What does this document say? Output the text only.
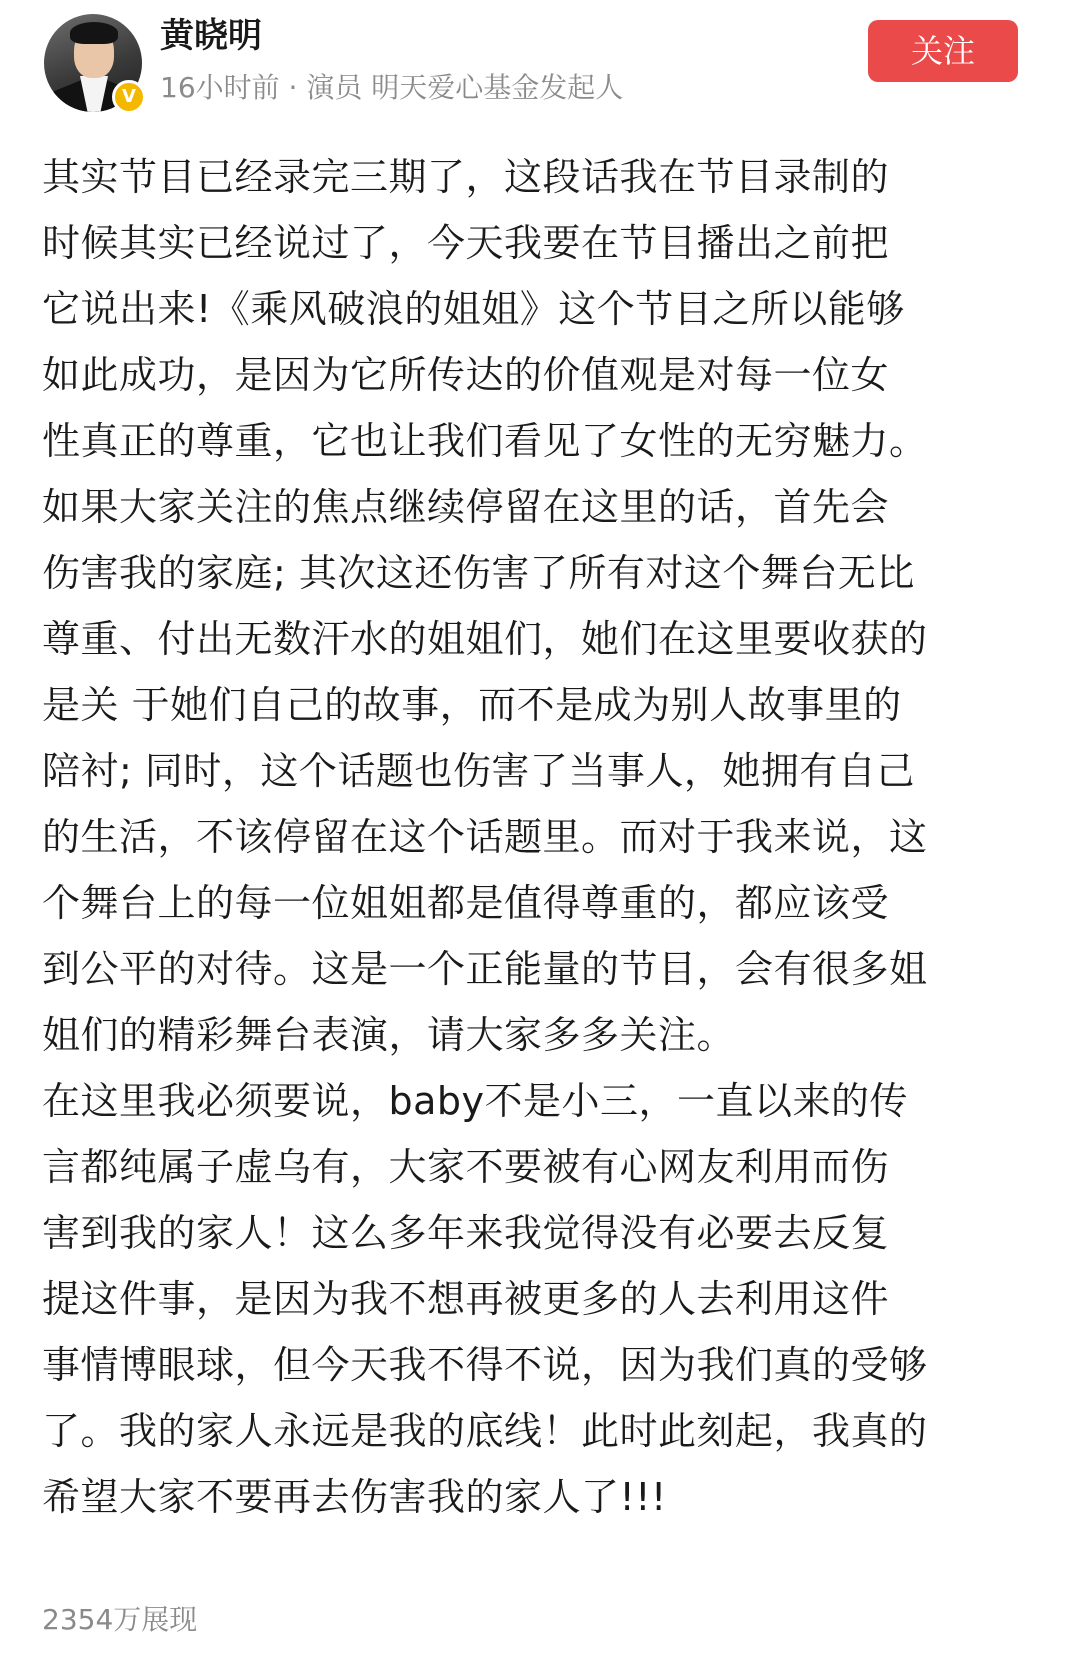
V
黄晓明
16小时前 · 演员 明天爱心基金发起人
关注
其实节目已经录完三期了，这段话我在节目录制的
时候其实已经说过了，今天我要在节目播出之前把
它说出来!《乘风破浪的姐姐》这个节目之所以能够
如此成功，是因为它所传达的价值观是对每一位女
性真正的尊重，它也让我们看见了女性的无穷魅力。
如果大家关注的焦点继续停留在这里的话，首先会
伤害我的家庭; 其次这还伤害了所有对这个舞台无比
尊重、付出无数汗水的姐姐们，她们在这里要收获的
是关 于她们自己的故事，而不是成为别人故事里的
陪衬; 同时，这个话题也伤害了当事人，她拥有自己
的生活，不该停留在这个话题里。而对于我来说，这
个舞台上的每一位姐姐都是值得尊重的，都应该受
到公平的对待。这是一个正能量的节目，会有很多姐
姐们的精彩舞台表演，请大家多多关注。
在这里我必须要说，baby不是小三，一直以来的传
言都纯属子虚乌有，大家不要被有心网友利用而伤
害到我的家人！这么多年来我觉得没有必要去反复
提这件事，是因为我不想再被更多的人去利用这件
事情博眼球，但今天我不得不说，因为我们真的受够
了。我的家人永远是我的底线！此时此刻起，我真的
希望大家不要再去伤害我的家人了!!!
2354万展现
